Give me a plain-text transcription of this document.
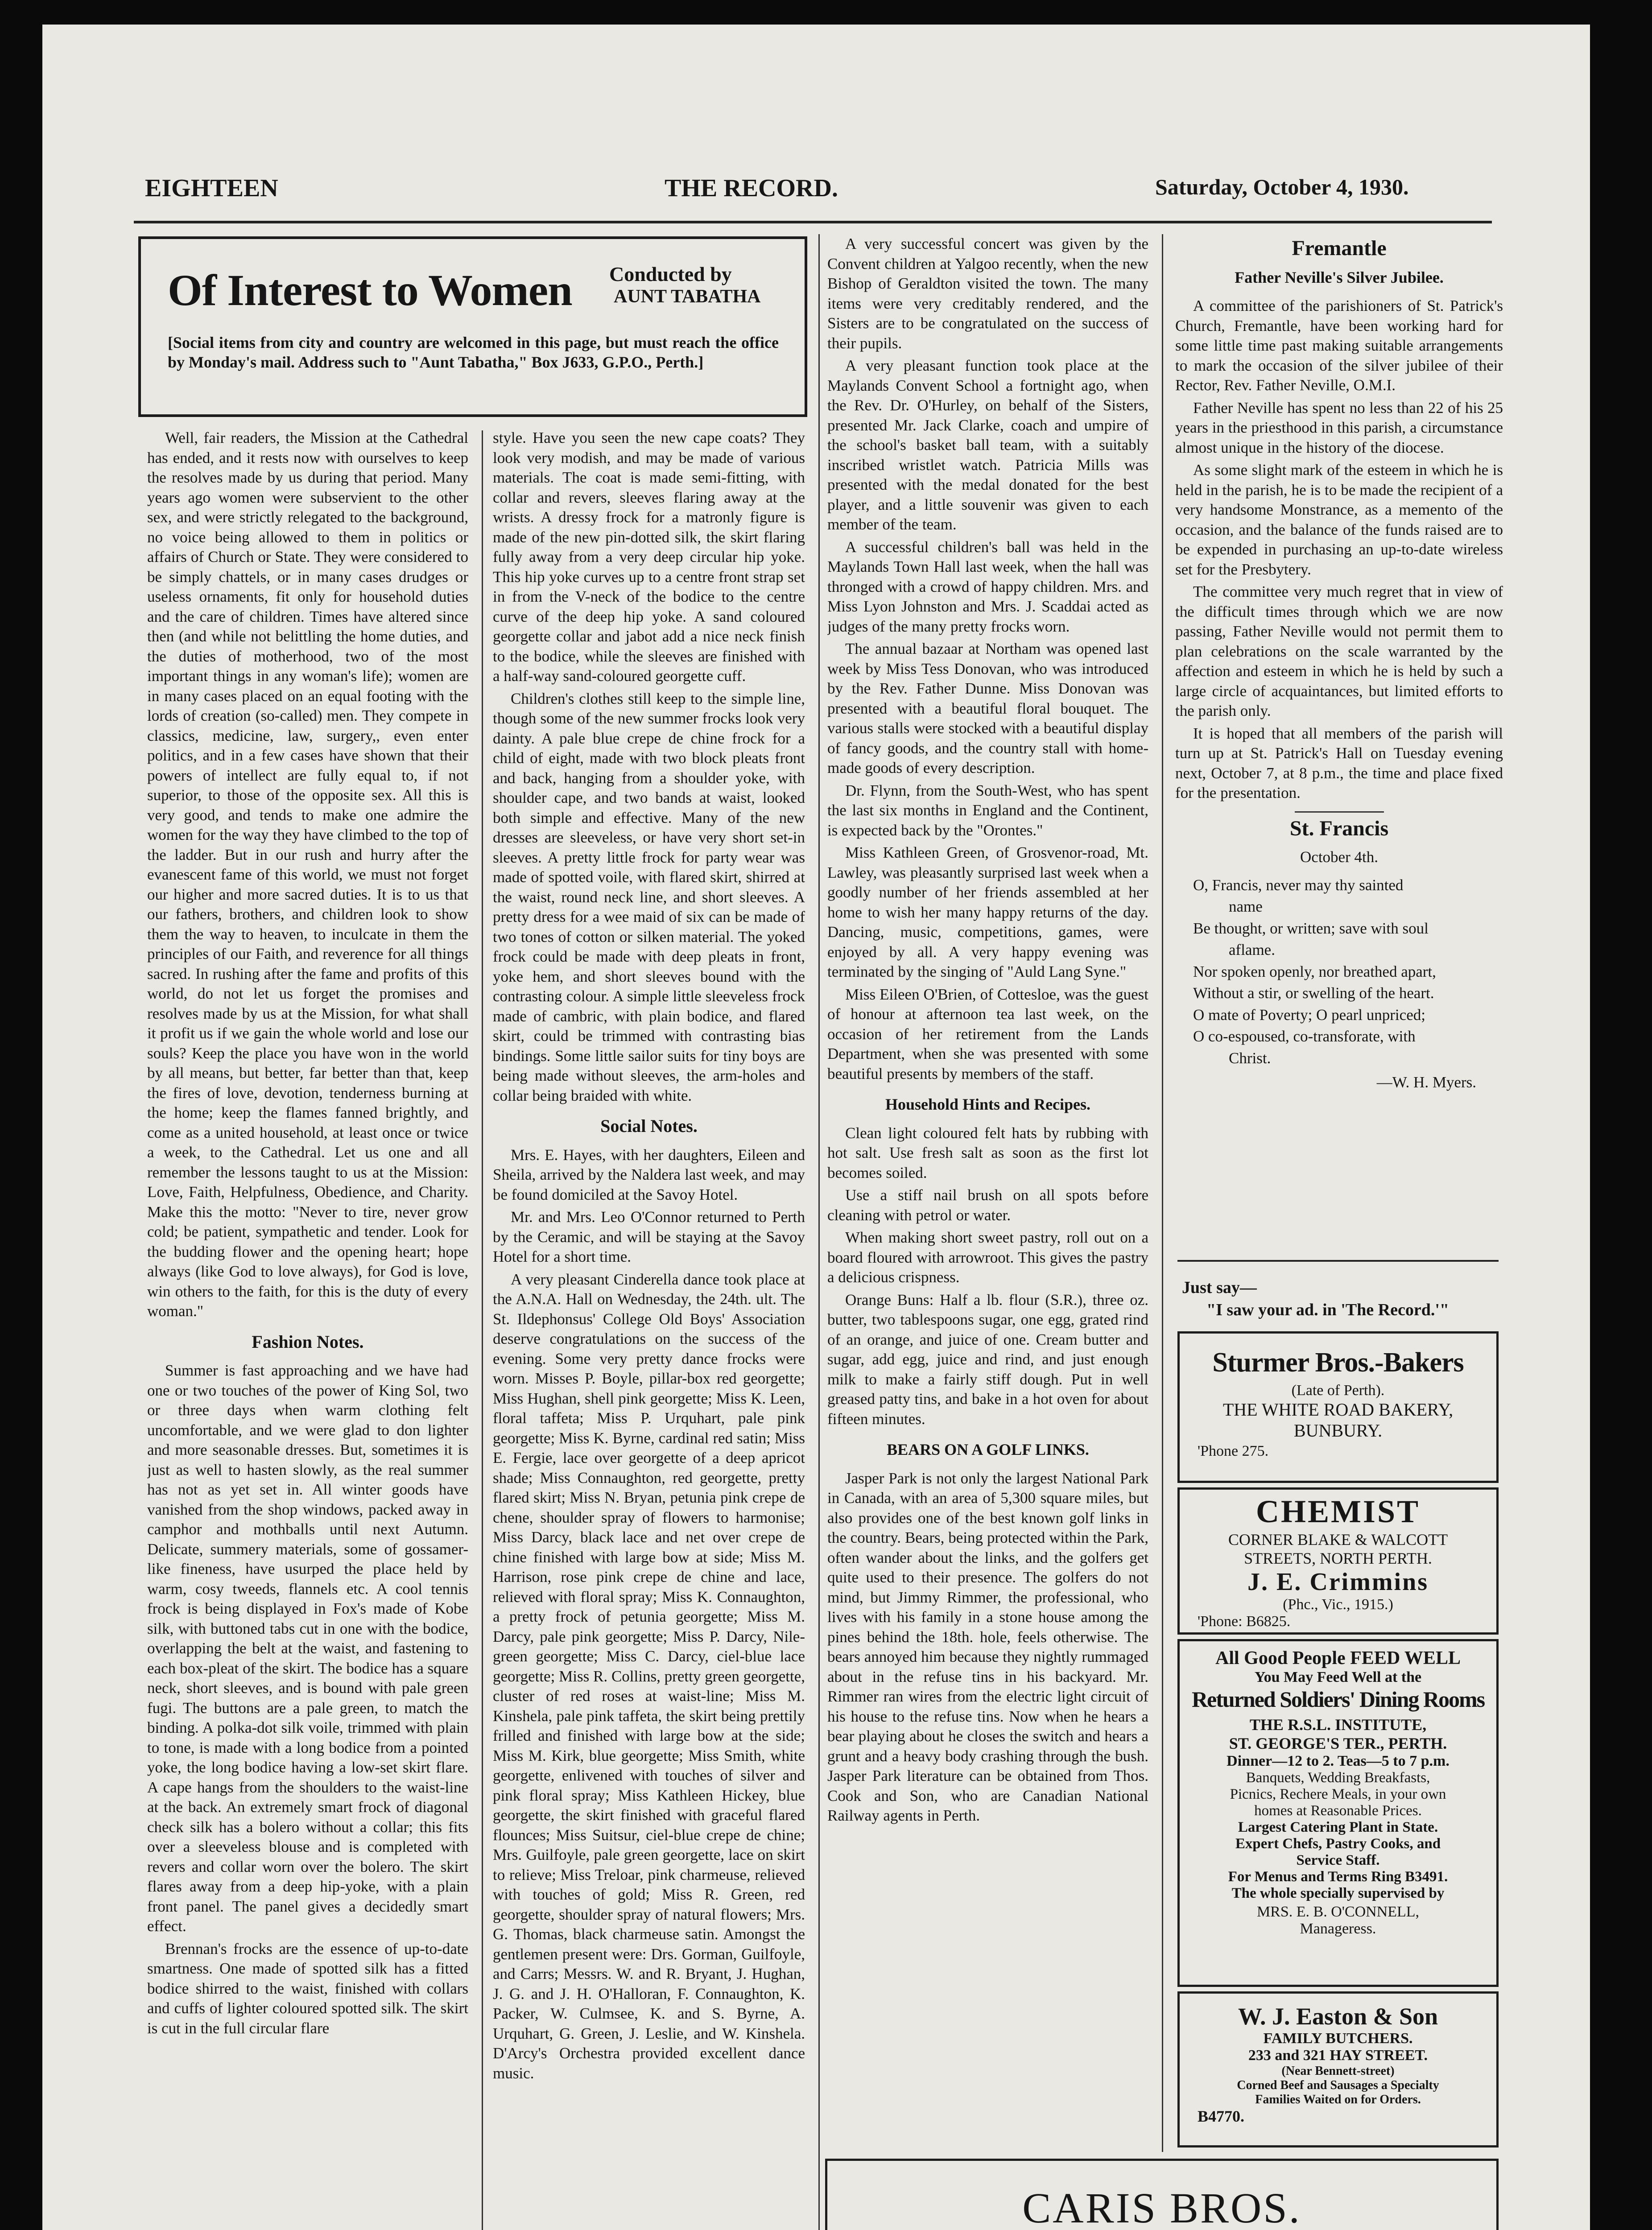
EIGHTEEN	THE RECORD.	Saturday, October 4, 1930.
Of Interest to Women Conducted by
AUNT TABATHA
[Social items from city and country are welcomed in this page, but must reach the office by Monday's mail. Address such to "Aunt Tabatha," Box J633, G.P.O., Perth.]

Well, fair readers, the Mission at the Cathedral has ended, and it rests now with ourselves to keep the resolves made by us during that period. Many years ago women were subservient to the other sex, and were strictly relegated to the background, no voice being allowed to them in politics or affairs of Church or State. They were considered to be simply chattels, or in many cases drudges or useless ornaments, fit only for household duties and the care of children. Times have altered since then (and while not belittling the home duties, and the duties of motherhood, two of the most important things in any woman's life); women are in many cases placed on an equal footing with the lords of creation (so-called) men. They compete in classics, medicine, law, surgery,, even enter politics, and in a few cases have shown that their powers of intellect are fully equal to, if not superior, to those of the opposite sex. All this is very good, and tends to make one admire the women for the way they have climbed to the top of the ladder. But in our rush and hurry after the evanescent fame of this world, we must not forget our higher and more sacred duties. It is to us that our fathers, brothers, and children look to show them the way to heaven, to inculcate in them the principles of our Faith, and reverence for all things sacred. In rushing after the fame and profits of this world, do not let us forget the promises and resolves made by us at the Mission, for what shall it profit us if we gain the whole world and lose our souls? Keep the place you have won in the world by all means, but better, far better than that, keep the fires of love, devotion, tenderness burning at the home; keep the flames fanned brightly, and come as a united household, at least once or twice a week, to the Cathedral. Let us one and all remember the lessons taught to us at the Mission: Love, Faith, Helpfulness, Obedience, and Charity. Make this the motto: "Never to tire, never grow cold; be patient, sympathetic and tender. Look for the budding flower and the opening heart; hope always (like God to love always), for God is love, win others to the faith, for this is the duty of every woman."

Fashion Notes.

Summer is fast approaching and we have had one or two touches of the power of King Sol, two or three days when warm clothing felt uncomfortable, and we were glad to don lighter and more seasonable dresses. But, sometimes it is just as well to hasten slowly, as the real summer has not as yet set in. All winter goods have vanished from the shop windows, packed away in camphor and mothballs until next Autumn. Delicate, summery materials, some of gossamer-like fineness, have usurped the place held by warm, cosy tweeds, flannels etc. A cool tennis frock is being displayed in Fox's made of Kobe silk, with buttoned tabs cut in one with the bodice, overlapping the belt at the waist, and fastening to each box-pleat of the skirt. The bodice has a square neck, short sleeves, and is bound with pale green fugi. The buttons are a pale green, to match the binding. A polka-dot silk voile, trimmed with plain to tone, is made with a long bodice from a pointed yoke, the long bodice having a low-set skirt flare. A cape hangs from the shoulders to the waist-line at the back. An extremely smart frock of diagonal check silk has a bolero without a collar; this fits over a sleeveless blouse and is completed with revers and collar worn over the bolero. The skirt flares away from a deep hip-yoke, with a plain front panel. The panel gives a decidedly smart effect.

Brennan's frocks are the essence of up-to-date smartness. One made of spotted silk has a fitted bodice shirred to the waist, finished with collars and cuffs of lighter coloured spotted silk. The skirt is cut in the full circular flare

style. Have you seen the new cape coats? They look very modish, and may be made of various materials. The coat is made semi-fitting, with collar and revers, sleeves flaring away at the wrists. A dressy frock for a matronly figure is made of the new pin-dotted silk, the skirt flaring fully away from a very deep circular hip yoke. This hip yoke curves up to a centre front strap set in from the V-neck of the bodice to the centre curve of the deep hip yoke. A sand coloured georgette collar and jabot add a nice neck finish to the bodice, while the sleeves are finished with a half-way sand-coloured georgette cuff.

Children's clothes still keep to the simple line, though some of the new summer frocks look very dainty. A pale blue crepe de chine frock for a child of eight, made with two block pleats front and back, hanging from a shoulder yoke, with shoulder cape, and two bands at waist, looked both simple and effective. Many of the new dresses are sleeveless, or have very short set-in sleeves. A pretty little frock for party wear was made of spotted voile, with flared skirt, shirred at the waist, round neck line, and short sleeves. A pretty dress for a wee maid of six can be made of two tones of cotton or silken material. The yoked frock could be made with deep pleats in front, yoke hem, and short sleeves bound with the contrasting colour. A simple little sleeveless frock made of cambric, with plain bodice, and flared skirt, could be trimmed with contrasting bias bindings. Some little sailor suits for tiny boys are being made without sleeves, the arm-holes and collar being braided with white.

Social Notes.

Mrs. E. Hayes, with her daughters, Eileen and Sheila, arrived by the Naldera last week, and may be found domiciled at the Savoy Hotel.

Mr. and Mrs. Leo O'Connor returned to Perth by the Ceramic, and will be staying at the Savoy Hotel for a short time.

A very pleasant Cinderella dance took place at the A.N.A. Hall on Wednesday, the 24th. ult. The St. Ildephonsus' College Old Boys' Association deserve congratulations on the success of the evening. Some very pretty dance frocks were worn. Misses P. Boyle, pillar-box red georgette; Miss Hughan, shell pink georgette; Miss K. Leen, floral taffeta; Miss P. Urquhart, pale pink georgette; Miss K. Byrne, cardinal red satin; Miss E. Fergie, lace over georgette of a deep apricot shade; Miss Connaughton, red georgette, pretty flared skirt; Miss N. Bryan, petunia pink crepe de chene, shoulder spray of flowers to harmonise; Miss Darcy, black lace and net over crepe de chine finished with large bow at side; Miss M. Harrison, rose pink crepe de chine and lace, relieved with floral spray; Miss K. Connaughton, a pretty frock of petunia georgette; Miss M. Darcy, pale pink georgette; Miss P. Darcy, Nile-green georgette; Miss C. Darcy, ciel-blue lace georgette; Miss R. Collins, pretty green georgette, cluster of red roses at waist-line; Miss M. Kinshela, pale pink taffeta, the skirt being prettily frilled and finished with large bow at the side; Miss M. Kirk, blue georgette; Miss Smith, white georgette, enlivened with touches of silver and pink floral spray; Miss Kathleen Hickey, blue georgette, the skirt finished with graceful flared flounces; Miss Suitsur, ciel-blue crepe de chine; Mrs. Guilfoyle, pale green georgette, lace on skirt to relieve; Miss Treloar, pink charmeuse, relieved with touches of gold; Miss R. Green, red georgette, shoulder spray of natural flowers; Mrs. G. Thomas, black charmeuse satin. Amongst the gentlemen present were: Drs. Gorman, Guilfoyle, and Carrs; Messrs. W. and R. Bryant, J. Hughan, J. G. and J. H. O'Halloran, F. Connaughton, K. Packer, W. Culmsee, K. and S. Byrne, A. Urquhart, G. Green, J. Leslie, and W. Kinshela. D'Arcy's Orchestra provided excellent dance music.

A very successful concert was given by the Convent children at Yalgoo recently, when the new Bishop of Geraldton visited the town. The many items were very creditably rendered, and the Sisters are to be congratulated on the success of their pupils.

A very pleasant function took place at the Maylands Convent School a fortnight ago, when the Rev. Dr. O'Hurley, on behalf of the Sisters, presented Mr. Jack Clarke, coach and umpire of the school's basket ball team, with a suitably inscribed wristlet watch. Patricia Mills was presented with the medal donated for the best player, and a little souvenir was given to each member of the team.

A successful children's ball was held in the Maylands Town Hall last week, when the hall was thronged with a crowd of happy children. Mrs. and Miss Lyon Johnston and Mrs. J. Scaddai acted as judges of the many pretty frocks worn.

The annual bazaar at Northam was opened last week by Miss Tess Donovan, who was introduced by the Rev. Father Dunne. Miss Donovan was presented with a beautiful floral bouquet. The various stalls were stocked with a beautiful display of fancy goods, and the country stall with home-made goods of every description.

Dr. Flynn, from the South-West, who has spent the last six months in England and the Continent, is expected back by the "Orontes."

Miss Kathleen Green, of Grosvenor-road, Mt. Lawley, was pleasantly surprised last week when a goodly number of her friends assembled at her home to wish her many happy returns of the day. Dancing, music, competitions, games, were enjoyed by all. A very happy evening was terminated by the singing of "Auld Lang Syne."

Miss Eileen O'Brien, of Cottesloe, was the guest of honour at afternoon tea last week, on the occasion of her retirement from the Lands Department, when she was presented with some beautiful presents by members of the staff.

Household Hints and Recipes.

Clean light coloured felt hats by rubbing with hot salt. Use fresh salt as soon as the first lot becomes soiled.

Use a stiff nail brush on all spots before cleaning with petrol or water.

When making short sweet pastry, roll out on a board floured with arrowroot. This gives the pastry a delicious crispness.

Orange Buns: Half a lb. flour (S.R.), three oz. butter, two tablespoons sugar, one egg, grated rind of an orange, and juice of one. Cream butter and sugar, add egg, juice and rind, and just enough milk to make a fairly stiff dough. Put in well greased patty tins, and bake in a hot oven for about fifteen minutes.

BEARS ON A GOLF LINKS.

Jasper Park is not only the largest National Park in Canada, with an area of 5,300 square miles, but also provides one of the best known golf links in the country. Bears, being protected within the Park, often wander about the links, and the golfers get quite used to their presence. The golfers do not mind, but Jimmy Rimmer, the professional, who lives with his family in a stone house among the pines behind the 18th. hole, feels otherwise. The bears annoyed him because they nightly rummaged about in the refuse tins in his backyard. Mr. Rimmer ran wires from the electric light circuit of his house to the refuse tins. Now when he hears a bear playing about he closes the switch and hears a grunt and a heavy body crashing through the bush. Jasper Park literature can be obtained from Thos. Cook and Son, who are Canadian National Railway agents in Perth.

Fremantle
Father Neville's Silver Jubilee.

A committee of the parishioners of St. Patrick's Church, Fremantle, have been working hard for some little time past making suitable arrangements to mark the occasion of the silver jubilee of their Rector, Rev. Father Neville, O.M.I.

Father Neville has spent no less than 22 of his 25 years in the priesthood in this parish, a circumstance almost unique in the history of the diocese.

As some slight mark of the esteem in which he is held in the parish, he is to be made the recipient of a very handsome Monstrance, as a memento of the occasion, and the balance of the funds raised are to be expended in purchasing an up-to-date wireless set for the Presbytery.

The committee very much regret that in view of the difficult times through which we are now passing, Father Neville would not permit them to plan celebrations on the scale warranted by the affection and esteem in which he is held by such a large circle of acquaintances, but limited efforts to the parish only.

It is hoped that all members of the parish will turn up at St. Patrick's Hall on Tuesday evening next, October 7, at 8 p.m., the time and place fixed for the presentation.

St. Francis
October 4th.

O, Francis, never may thy sainted

name

Be thought, or written; save with soul

aflame.

Nor spoken openly, nor breathed apart,

Without a stir, or swelling of the heart.

O mate of Poverty; O pearl unpriced;

O co-espoused, co-transforate, with

Christ.

—W. H. Myers.
Just say—
"I saw your ad. in 'The Record.'"
Sturmer Bros.-Bakers
(Late of Perth).
THE WHITE ROAD BAKERY,
BUNBURY.
'Phone 275.
CHEMIST
CORNER BLAKE & WALCOTT
STREETS, NORTH PERTH.
J. E. Crimmins
(Phc., Vic., 1915.)
'Phone: B6825.
All Good People FEED WELL
You May Feed Well at the
Returned Soldiers' Dining Rooms
THE R.S.L. INSTITUTE,
ST. GEORGE'S TER., PERTH.
Dinner—12 to 2. Teas—5 to 7 p.m.
Banquets, Wedding Breakfasts,
Picnics, Rechere Meals, in your own
homes at Reasonable Prices.
Largest Catering Plant in State.
Expert Chefs, Pastry Cooks, and
Service Staff.
For Menus and Terms Ring B3491.
The whole specially supervised by
MRS. E. B. O'CONNELL,
Manageress.
W. J. Easton & Son
FAMILY BUTCHERS.
233 and 321 HAY STREET.
(Near Bennett-street)
Corned Beef and Sausages a Specialty
Families Waited on for Orders.
B4770.
CARIS BROS.
